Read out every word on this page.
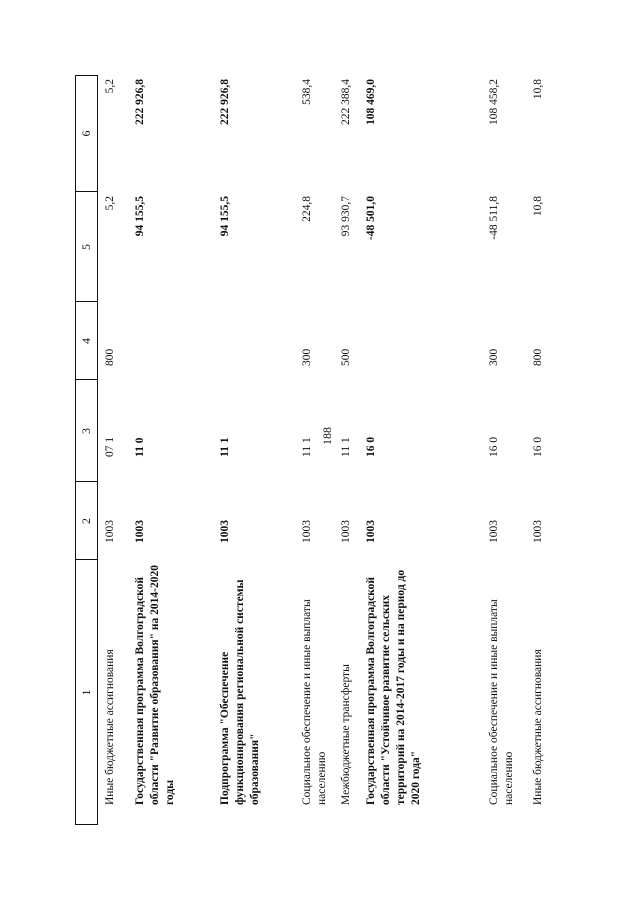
188
1
2
3
4
5
6
Иные бюджетные ассигнования
1003
07 1
800
5,2
5,2
Государственная программа Волгоградской области "Развитие образования" на 2014-2020 годы
1003
11 0
94 155,5
222 926,8
Подпрограмма "Обеспечение функционирования региональной системы образования"
1003
11 1
94 155,5
222 926,8
Социальное обеспечение и иные выплаты населению
1003
11 1
300
224,8
538,4
Межбюджетные трансферты
1003
11 1
500
93 930,7
222 388,4
Государственная программа Волгоградской области "Устойчивое развитие сельских территорий на 2014-2017 годы и на период до 2020 года"
1003
16 0
-48 501,0
108 469,0
Социальное обеспечение и иные выплаты населению
1003
16 0
300
-48 511,8
108 458,2
Иные бюджетные ассигнования
1003
16 0
800
10,8
10,8
